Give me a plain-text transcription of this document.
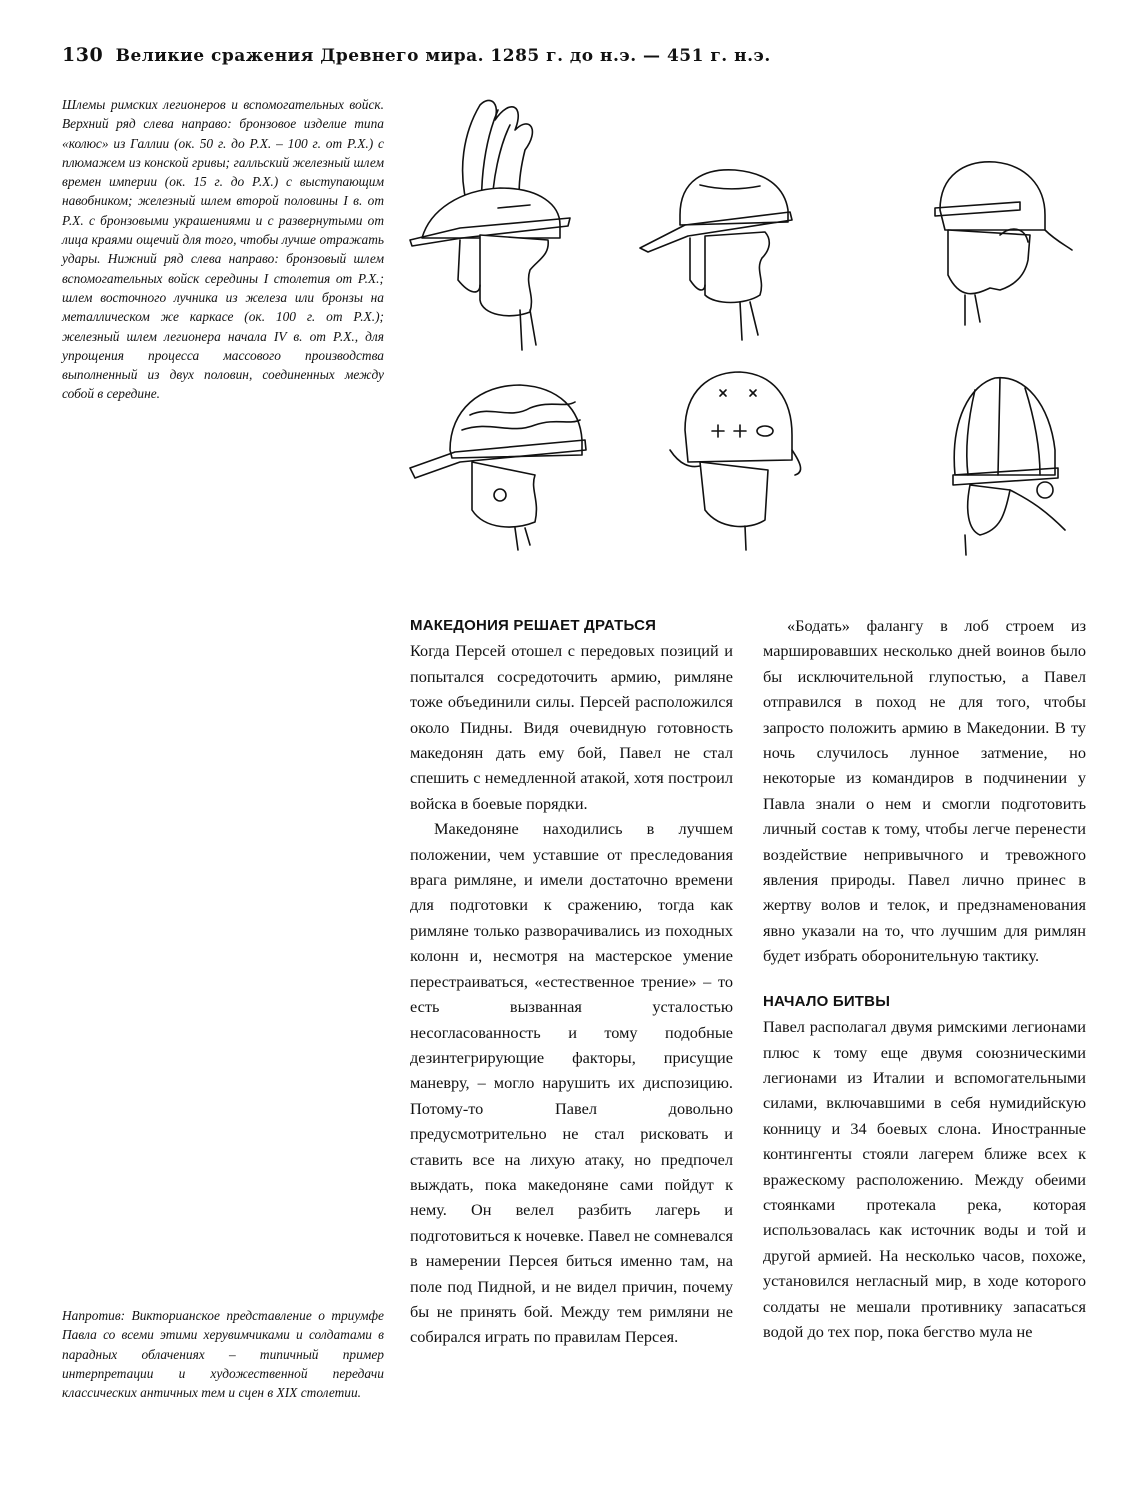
130 Великие сражения Древнего мира. 1285 г. до н.э. — 451 г. н.э.
Шлемы римских легионеров и вспомогательных войск. Верхний ряд слева направо: бронзовое изделие типа «колюс» из Галлии (ок. 50 г. до Р.Х. – 100 г. от Р.Х.) с плюмажем из конской гривы; галльский железный шлем времен империи (ок. 15 г. до Р.Х.) с выступающим навобником; железный шлем второй половины I в. от Р.Х. с бронзовыми украшениями и с развернутыми от лица краями ощечий для того, чтобы лучше отражать удары. Нижний ряд слева направо: бронзовый шлем вспомогательных войск середины I столетия от Р.Х.; шлем восточного лучника из железа или бронзы на металлическом же каркасе (ок. 100 г. от Р.Х.); железный шлем легионера начала IV в. от Р.Х., для упрощения процесса массового производства выполненный из двух половин, соединенных между собой в середине.
МАКЕДОНИЯ РЕШАЕТ ДРАТЬСЯ

Когда Персей отошел с передовых позиций и попытался сосредоточить армию, римляне тоже объединили силы. Персей расположился около Пидны. Видя очевидную готовность македонян дать ему бой, Павел не стал спешить с немедленной атакой, хотя построил войска в боевые порядки.

Македоняне находились в лучшем положении, чем уставшие от преследования врага римляне, и имели достаточно времени для подготовки к сражению, тогда как римляне только разворачивались из походных колонн и, несмотря на мастерское умение перестраиваться, «естественное трение» – то есть вызванная усталостью несогласованность и тому подобные дезинтегрирующие факторы, присущие маневру, – могло нарушить их диспозицию. Потому-то Павел довольно предусмотрительно не стал рисковать и ставить все на лихую атаку, но предпочел выждать, пока македоняне сами пойдут к нему. Он велел разбить лагерь и подготовиться к ночевке. Павел не сомневался в намерении Персея биться именно там, на поле под Пидной, и не видел причин, почему бы не принять бой. Между тем римляни не собирался играть по правилам Персея.

«Бодать» фалангу в лоб строем из маршировавших несколько дней воинов было бы исключительной глупостью, а Павел отправился в поход не для того, чтобы запросто положить армию в Македонии. В ту ночь случилось лунное затмение, но некоторые из командиров в подчинении у Павла знали о нем и смогли подготовить личный состав к тому, чтобы легче перенести воздействие непривычного и тревожного явления природы. Павел лично принес в жертву волов и телок, и предзнаменования явно указали на то, что лучшим для римлян будет избрать оборонительную тактику.

НАЧАЛО БИТВЫ

Павел располагал двумя римскими легионами плюс к тому еще двумя союзническими легионами из Италии и вспомогательными силами, включавшими в себя нумидийскую конницу и 34 боевых слона. Иностранные контингенты стояли лагерем ближе всех к вражескому расположению. Между обеими стоянками протекала река, которая использовалась как источник воды и той и другой армией. На несколько часов, похоже, установился негласный мир, в ходе которого солдаты не мешали противнику запасаться водой до тех пор, пока бегство мула не

Напротив: Викторианское представление о триумфе Павла со всеми этими херувимчиками и солдатами в парадных облачениях – типичный пример интерпретации и художественной передачи классических античных тем и сцен в XIX столетии.
